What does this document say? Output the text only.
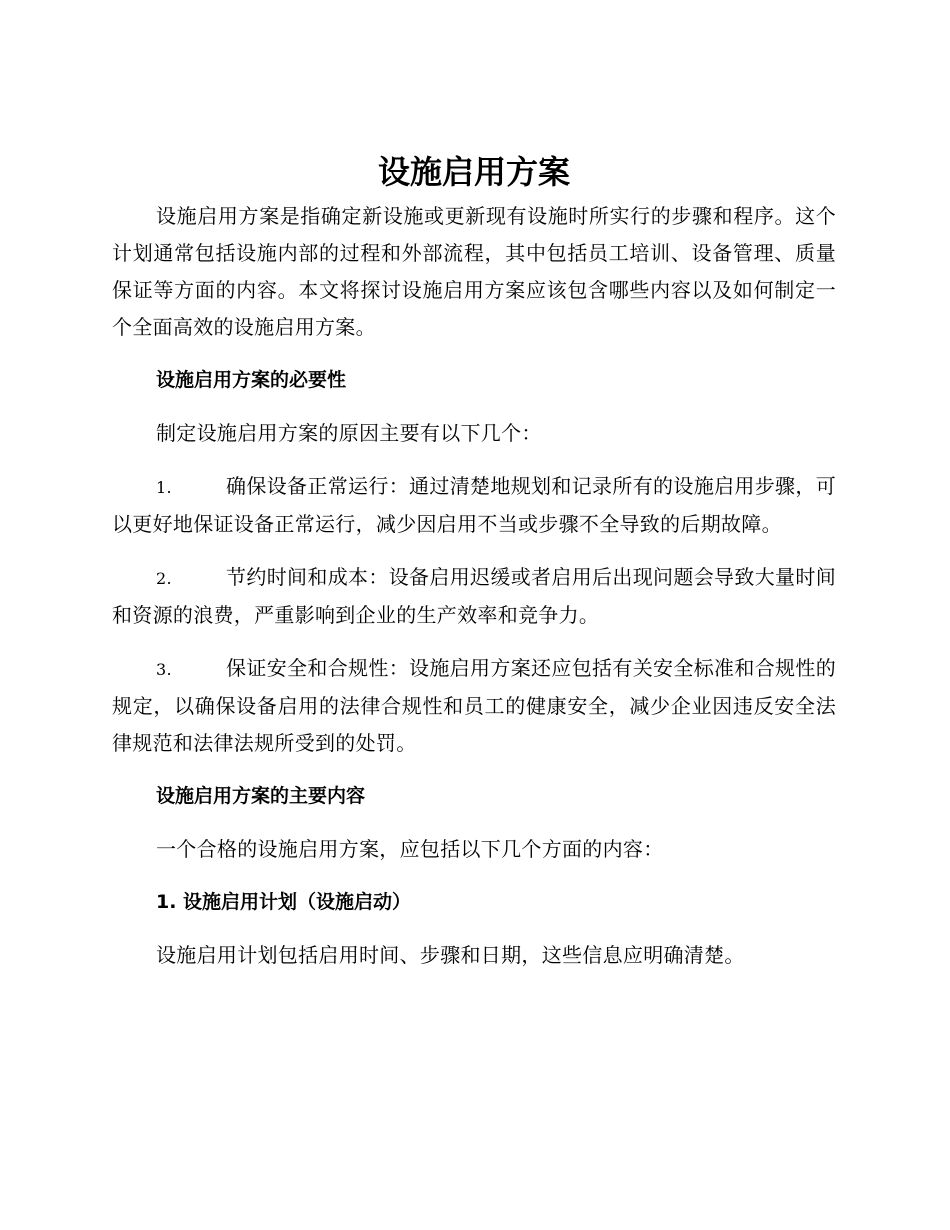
设施启用方案

设施启用方案是指确定新设施或更新现有设施时所实行的步骤和程序。这个计划通常包括设施内部的过程和外部流程，其中包括员工培训、设备管理、质量保证等方面的内容。本文将探讨设施启用方案应该包含哪些内容以及如何制定一个全面高效的设施启用方案。

设施启用方案的必要性

制定设施启用方案的原因主要有以下几个：

1.	确保设备正常运行：通过清楚地规划和记录所有的设施启用步骤，可以更好地保证设备正常运行，减少因启用不当或步骤不全导致的后期故障。

2.	节约时间和成本：设备启用迟缓或者启用后出现问题会导致大量时间和资源的浪费，严重影响到企业的生产效率和竞争力。

3.	保证安全和合规性：设施启用方案还应包括有关安全标准和合规性的规定，以确保设备启用的法律合规性和员工的健康安全，减少企业因违反安全法律规范和法律法规所受到的处罚。

设施启用方案的主要内容

一个合格的设施启用方案，应包括以下几个方面的内容：

1. 设施启用计划（设施启动）

设施启用计划包括启用时间、步骤和日期，这些信息应明确清楚。
